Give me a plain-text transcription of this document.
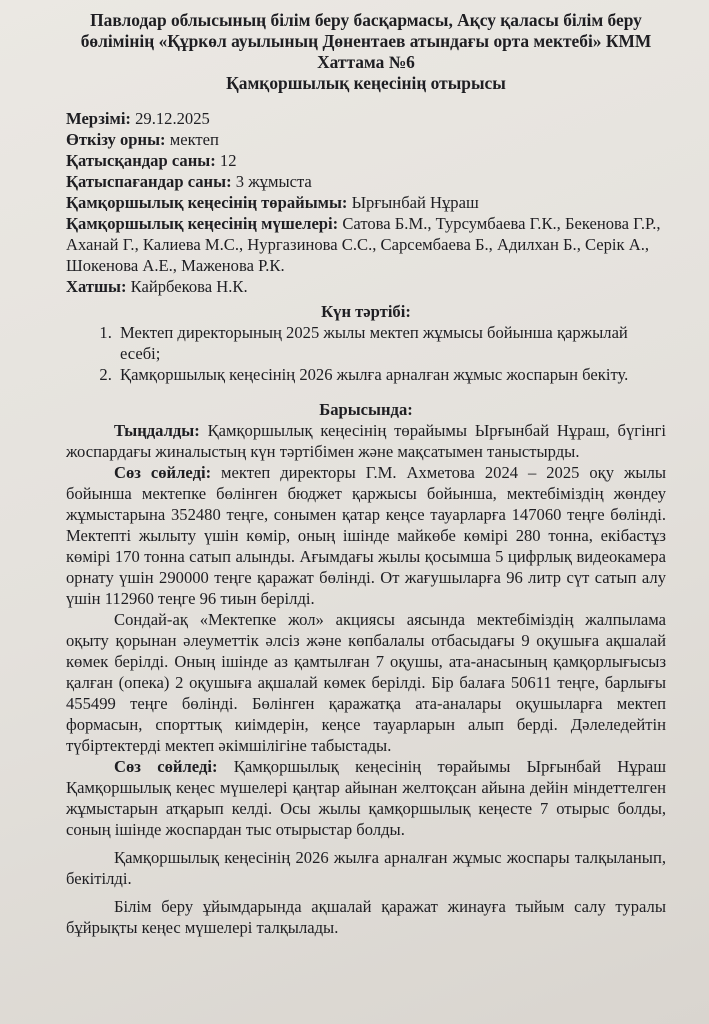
Павлодар облысының білім беру басқармасы, Ақсу қаласы білім беру бөлімінің «Құркөл ауылының Дөнентаев атындағы орта мектебі» КММ
Хаттама №6
Қамқоршылық кеңесінің отырысы
Мерзімі: 29.12.2025
Өткізу орны: мектеп
Қатысқандар саны: 12
Қатыспағандар саны: 3 жұмыста
Қамқоршылық кеңесінің төрайымы: Ырғынбай Нұраш
Қамқоршылық кеңесінің мүшелері: Сатова Б.М., Турсумбаева Г.К., Бекенова Г.Р., Аханай Г., Калиева М.С., Нургазинова С.С., Сарсембаева Б., Адилхан Б., Серік А., Шокенова А.Е., Маженова Р.К.
Хатшы: Кайрбекова Н.К.
Күн тәртібі:
1. Мектеп директорының 2025 жылы мектеп жұмысы бойынша қаржылай есебі;
2. Қамқоршылық кеңесінің 2026 жылға арналған жұмыс жоспарын бекіту.
Барысында:

Тыңдалды: Қамқоршылық кеңесінің төрайымы Ырғынбай Нұраш, бүгінгі жоспардағы жиналыстың күн тәртібімен және мақсатымен таныстырды.

Сөз сөйледі: мектеп директоры Г.М. Ахметова 2024 – 2025 оқу жылы бойынша мектепке бөлінген бюджет қаржысы бойынша, мектебіміздің жөндеу жұмыстарына 352480 теңге, сонымен қатар кеңсе тауарларға 147060 теңге бөлінді. Мектепті жылыту үшін көмір, оның ішінде майкөбе көмірі 280 тонна, екібастұз көмірі 170 тонна сатып алынды. Ағымдағы жылы қосымша 5 цифрлық видеокамера орнату үшін 290000 теңге қаражат бөлінді. От жағушыларға 96 литр сүт сатып алу үшін 112960 теңге 96 тиын берілді.

Сондай-ақ «Мектепке жол» акциясы аясында мектебіміздің жалпылама оқыту қорынан әлеуметтік әлсіз және көпбалалы отбасыдағы 9 оқушыға ақшалай көмек берілді. Оның ішінде аз қамтылған 7 оқушы, ата-анасының қамқорлығысыз қалған (опека) 2 оқушыға ақшалай көмек берілді. Бір балаға 50611 теңге, барлығы 455499 теңге бөлінді. Бөлінген қаражатқа ата-аналары оқушыларға мектеп формасын, спорттық киімдерін, кеңсе тауарларын алып берді. Дәлеледейтін түбіртектерді мектеп әкімшілігіне табыстады.

Сөз сөйледі: Қамқоршылық кеңесінің төрайымы Ырғынбай Нұраш Қамқоршылық кеңес мүшелері қаңтар айынан желтоқсан айына дейін міндеттелген жұмыстарын атқарып келді. Осы жылы қамқоршылық кеңесте 7 отырыс болды, соның ішінде жоспардан тыс отырыстар болды.

Қамқоршылық кеңесінің 2026 жылға арналған жұмыс жоспары талқыланып, бекітілді.

Білім беру ұйымдарында ақшалай қаражат жинауға тыйым салу туралы бұйрықты кеңес мүшелері талқылады.
